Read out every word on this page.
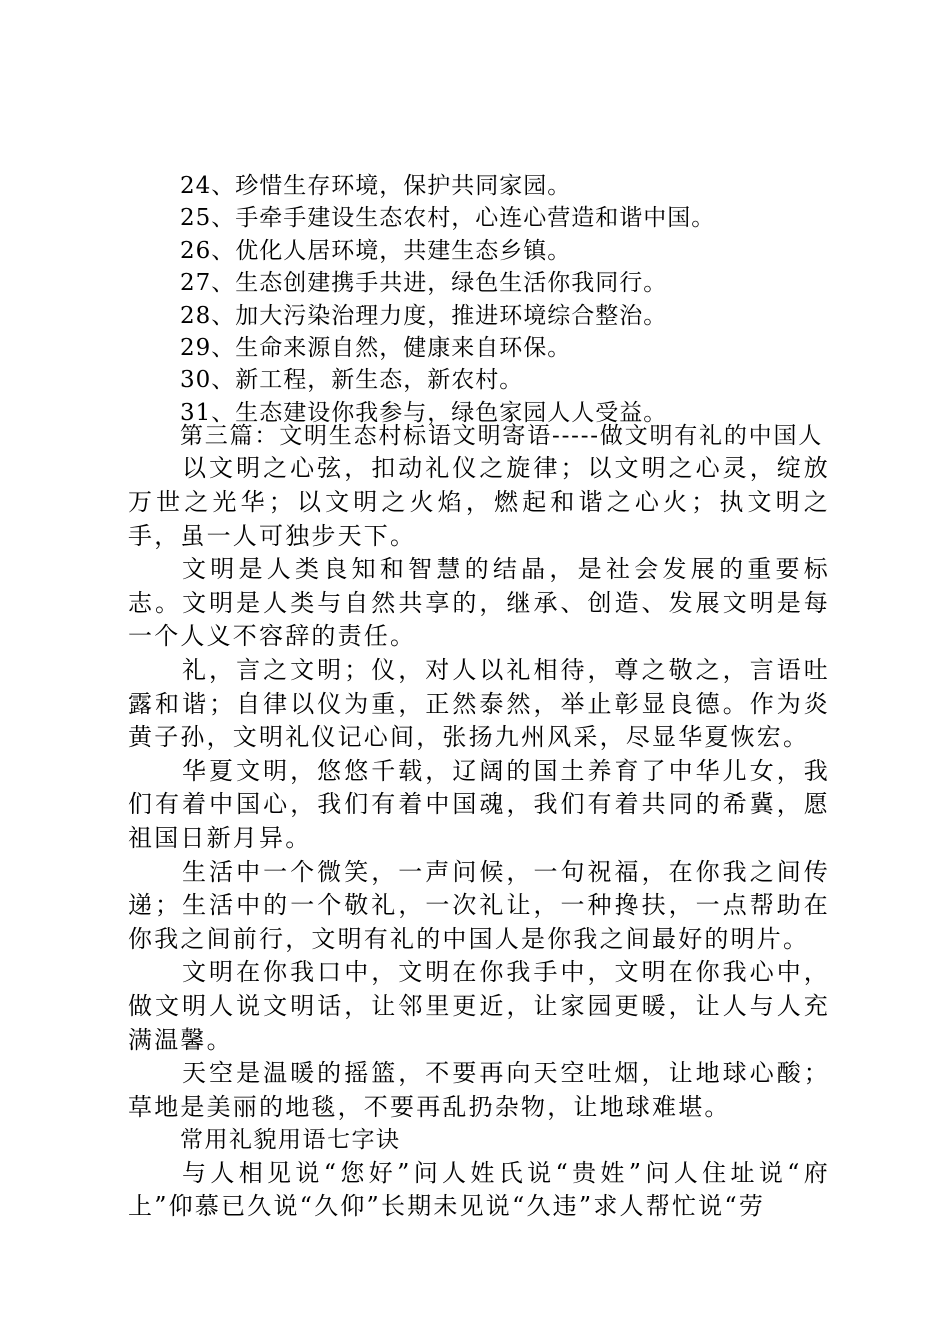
24、珍惜生存环境，保护共同家园。
25、手牵手建设生态农村，心连心营造和谐中国。
26、优化人居环境，共建生态乡镇。
27、生态创建携手共进，绿色生活你我同行。
28、加大污染治理力度，推进环境综合整治。
29、生命来源自然，健康来自环保。
30、新工程，新生态，新农村。
31、生态建设你我参与，绿色家园人人受益。

第三篇：文明生态村标语文明寄语-----做文明有礼的中国人

以文明之心弦，扣动礼仪之旋律；以文明之心灵，绽放万世之光华；以文明之火焰，燃起和谐之心火；执文明之手，虽一人可独步天下。

文明是人类良知和智慧的结晶，是社会发展的重要标志。文明是人类与自然共享的，继承、创造、发展文明是每一个人义不容辞的责任。

礼，言之文明；仪，对人以礼相待，尊之敬之，言语吐露和谐；自律以仪为重，正然泰然，举止彰显良德。作为炎黄子孙，文明礼仪记心间，张扬九州风采，尽显华夏恢宏。

华夏文明，悠悠千载，辽阔的国土养育了中华儿女，我们有着中国心，我们有着中国魂，我们有着共同的希冀，愿祖国日新月异。

生活中一个微笑，一声问候，一句祝福，在你我之间传递；生活中的一个敬礼，一次礼让，一种搀扶，一点帮助在你我之间前行，文明有礼的中国人是你我之间最好的明片。

文明在你我口中，文明在你我手中，文明在你我心中，做文明人说文明话，让邻里更近，让家园更暖，让人与人充满温馨。

天空是温暖的摇篮，不要再向天空吐烟，让地球心酸；草地是美丽的地毯，不要再乱扔杂物，让地球难堪。

常用礼貌用语七字诀

与人相见说“您好”问人姓氏说“贵姓”问人住址说“府上”仰慕已久说“久仰”长期未见说“久违”求人帮忙说“劳
